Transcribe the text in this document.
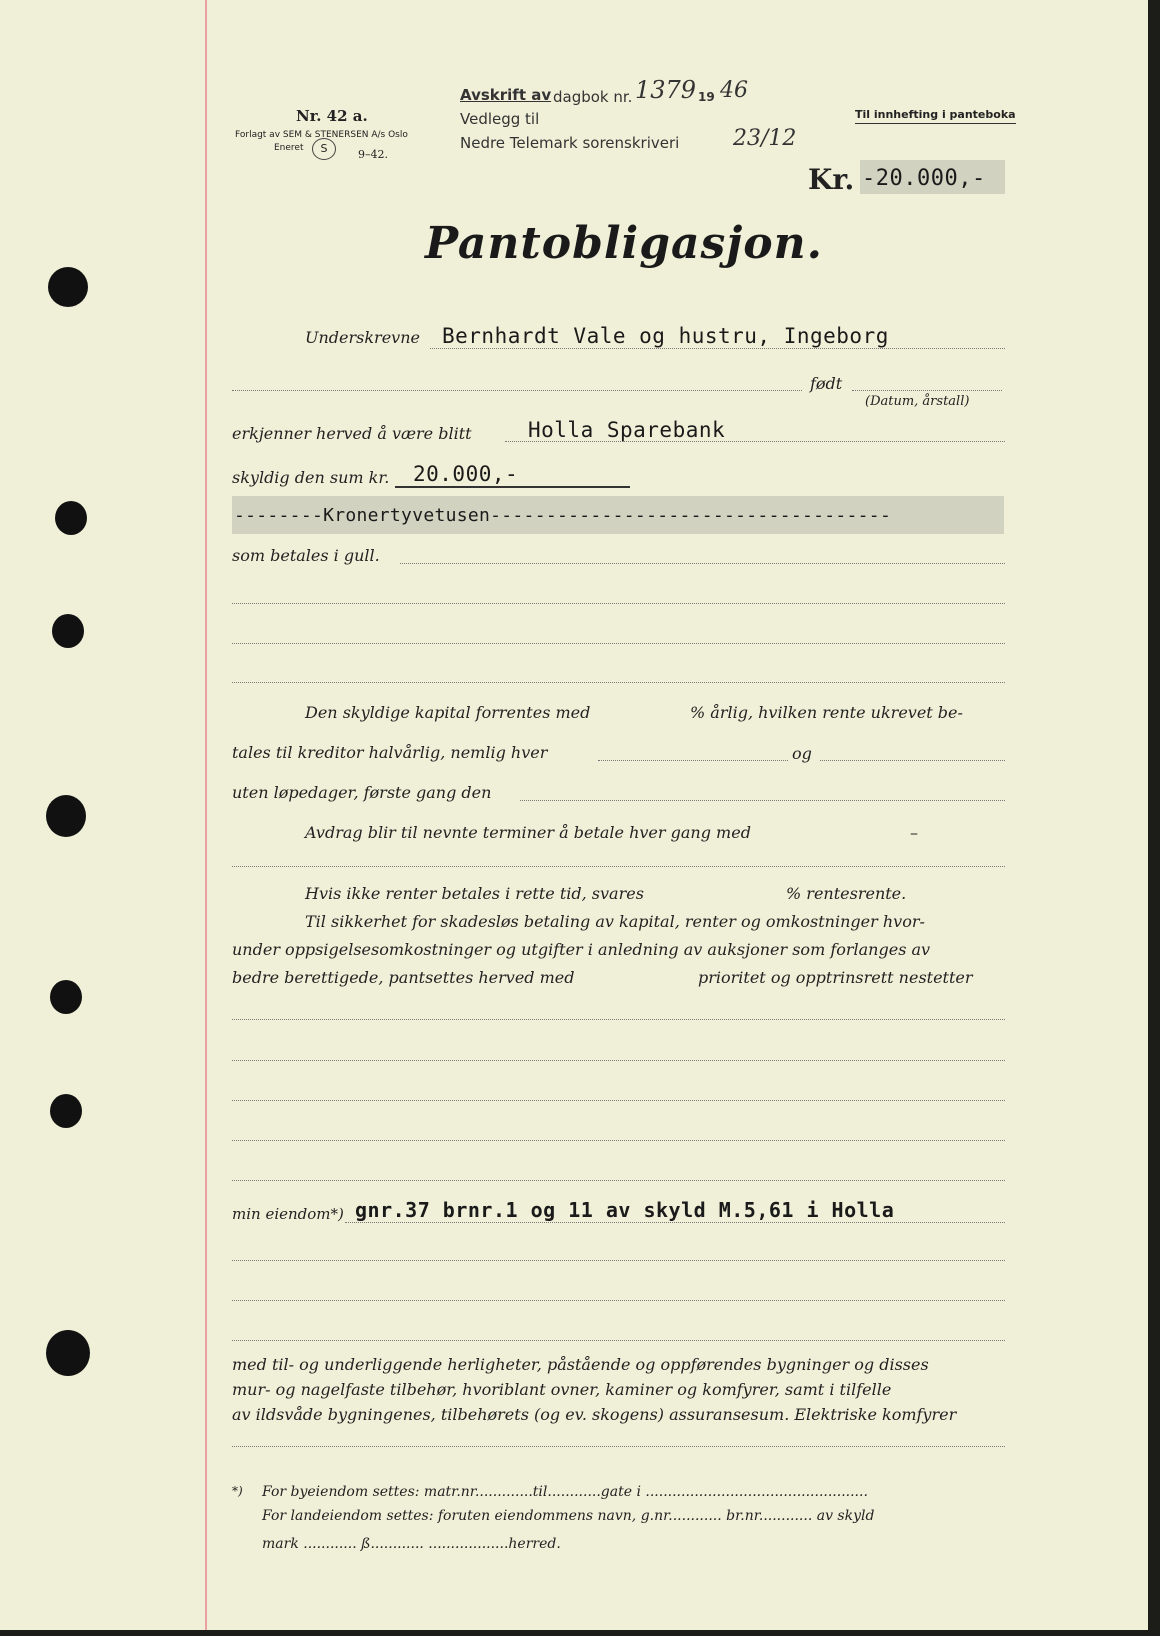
Nr. 42 a.
Forlagt av SEM & STENERSEN A/s Oslo
Eneret	S	9–42.
Avskrift av dagbok nr. 1379 19 46
Vedlegg til
Nedre Telemark sorenskriveri 23/12
Til innhefting i panteboka
Kr. -20.000,-
Pantobligasjon.
Underskrevne Bernhardt Vale og hustru, Ingeborg
født
(Datum, årstall)
erkjenner herved å være blitt	Holla Sparebank
skyldig den sum kr. 20.000,-
--------Kronertyvetusen------------------------------------
som betales i gull.
Den skyldige kapital forrentes med	% årlig, hvilken rente ukrevet be-
tales til kreditor halvårlig, nemlig hver	og
uten løpedager, første gang den
Avdrag blir til nevnte terminer å betale hver gang med	–
Hvis ikke renter betales i rette tid, svares	% rentesrente.
Til sikkerhet for skadesløs betaling av kapital, renter og omkostninger hvor-
under oppsigelsesomkostninger og utgifter i anledning av auksjoner som forlanges av
bedre berettigede, pantsettes herved med	prioritet og opptrinsrett nestetter
min eiendom*) gnr.37 brnr.1 og 11 av skyld M.5,61 i Holla
med til- og underliggende herligheter, påstående og oppførendes bygninger og disses
mur- og nagelfaste tilbehør, hvoriblant ovner, kaminer og komfyrer, samt i tilfelle
av ildsvåde bygningenes, tilbehørets (og ev. skogens) assuransesum. Elektriske komfyrer
*) For byeiendom settes: matr.nr.............til............gate i ..................................................
For landeiendom settes: foruten eiendommens navn, g.nr............ br.nr............ av skyld
mark ............ ß............ ..................herred.
